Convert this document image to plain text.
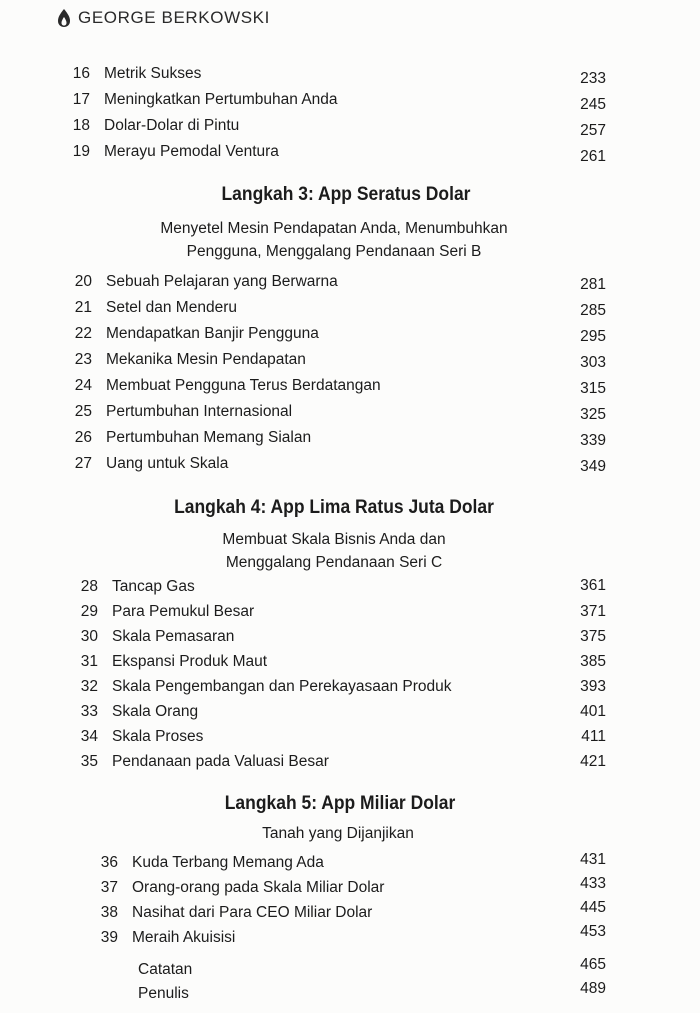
GEORGE BERKOWSKI
16 Metrik Sukses	233
17 Meningkatkan Pertumbuhan Anda	245
18 Dolar-Dolar di Pintu	257
19 Merayu Pemodal Ventura	261
Langkah 3: App Seratus Dolar
Menyetel Mesin Pendapatan Anda, Menumbuhkan
Pengguna, Menggalang Pendanaan Seri B
20 Sebuah Pelajaran yang Berwarna	281
21 Setel dan Menderu	285
22 Mendapatkan Banjir Pengguna	295
23 Mekanika Mesin Pendapatan	303
24 Membuat Pengguna Terus Berdatangan	315
25 Pertumbuhan Internasional	325
26 Pertumbuhan Memang Sialan	339
27 Uang untuk Skala	349
Langkah 4: App Lima Ratus Juta Dolar
Membuat Skala Bisnis Anda dan
Menggalang Pendanaan Seri C
28 Tancap Gas	361
29 Para Pemukul Besar	371
30 Skala Pemasaran	375
31 Ekspansi Produk Maut	385
32 Skala Pengembangan dan Perekayasaan Produk	393
33 Skala Orang	401
34 Skala Proses	411
35 Pendanaan pada Valuasi Besar	421
Langkah 5: App Miliar Dolar
Tanah yang Dijanjikan
36 Kuda Terbang Memang Ada	431
37 Orang-orang pada Skala Miliar Dolar	433
38 Nasihat dari Para CEO Miliar Dolar	445
39 Meraih Akuisisi	453
Catatan	465
Penulis	489
